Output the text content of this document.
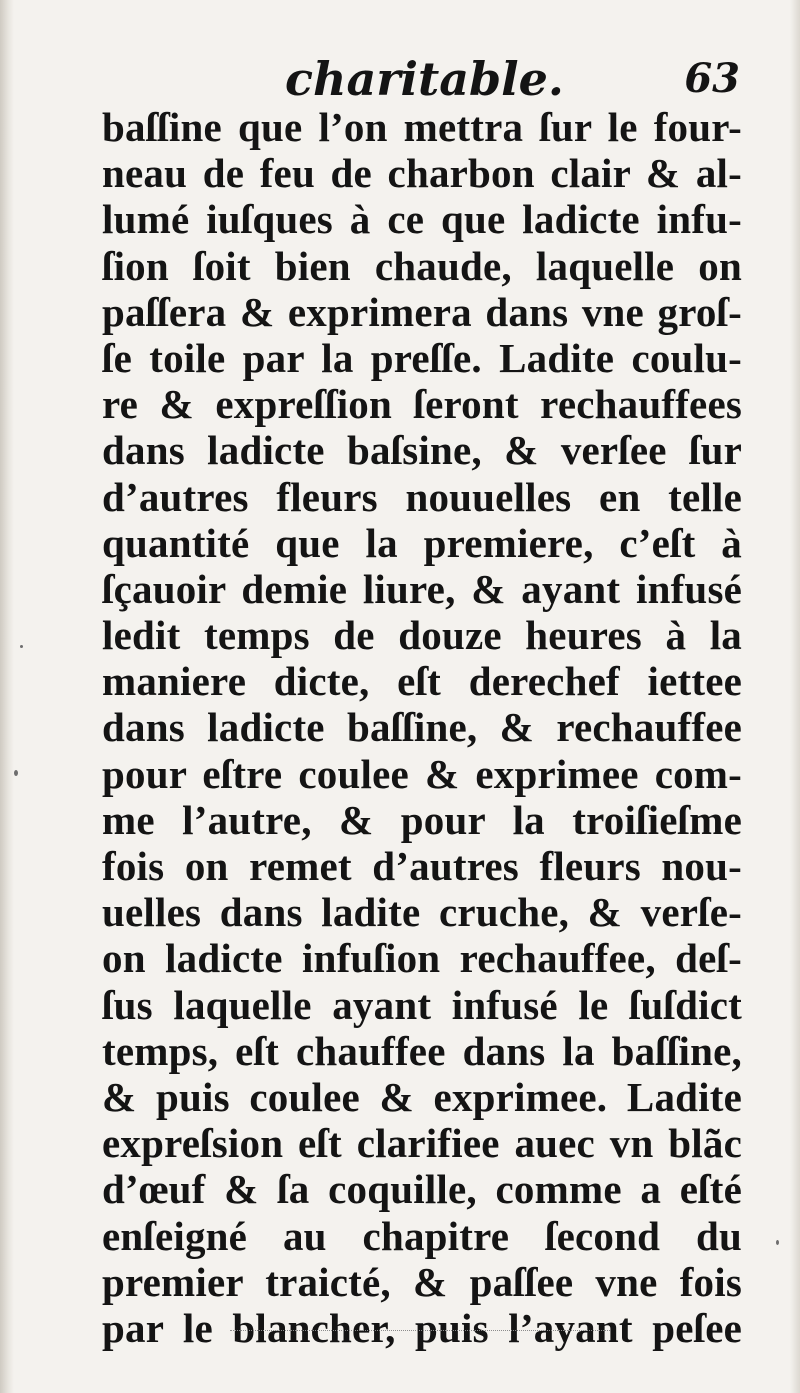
charitable.	63
baſſine que l’on mettra ſur le four-
neau de feu de charbon clair & al-
lumé iuſques à ce que ladicte infu-
ſion ſoit bien chaude, laquelle on
paſſera & exprimera dans vne groſ-
ſe toile par la preſſe. Ladite coulu-
re & expreſſion ſeront rechauffees
dans ladicte baſsine, & verſee ſur
d’autres fleurs nouuelles en telle
quantité que la premiere, c’eſt à
ſçauoir demie liure, & ayant infusé
ledit temps de douze heures à la
maniere dicte, eſt derechef iettee
dans ladicte baſſine, & rechauffee
pour eſtre coulee & exprimee com-
me l’autre, & pour la troiſieſme
fois on remet d’autres fleurs nou-
uelles dans ladite cruche, & verſe-
on ladicte infuſion rechauffee, deſ-
ſus laquelle ayant infusé le ſuſdict
temps, eſt chauffee dans la baſſine,
& puis coulee & exprimee. Ladite
expreſsion eſt clarifiee auec vn blãc
d’œuf & ſa coquille, comme a eſté
enſeigné au chapitre ſecond du
premier traicté, & paſſee vne fois
par le blancher, puis l’ayant peſee
